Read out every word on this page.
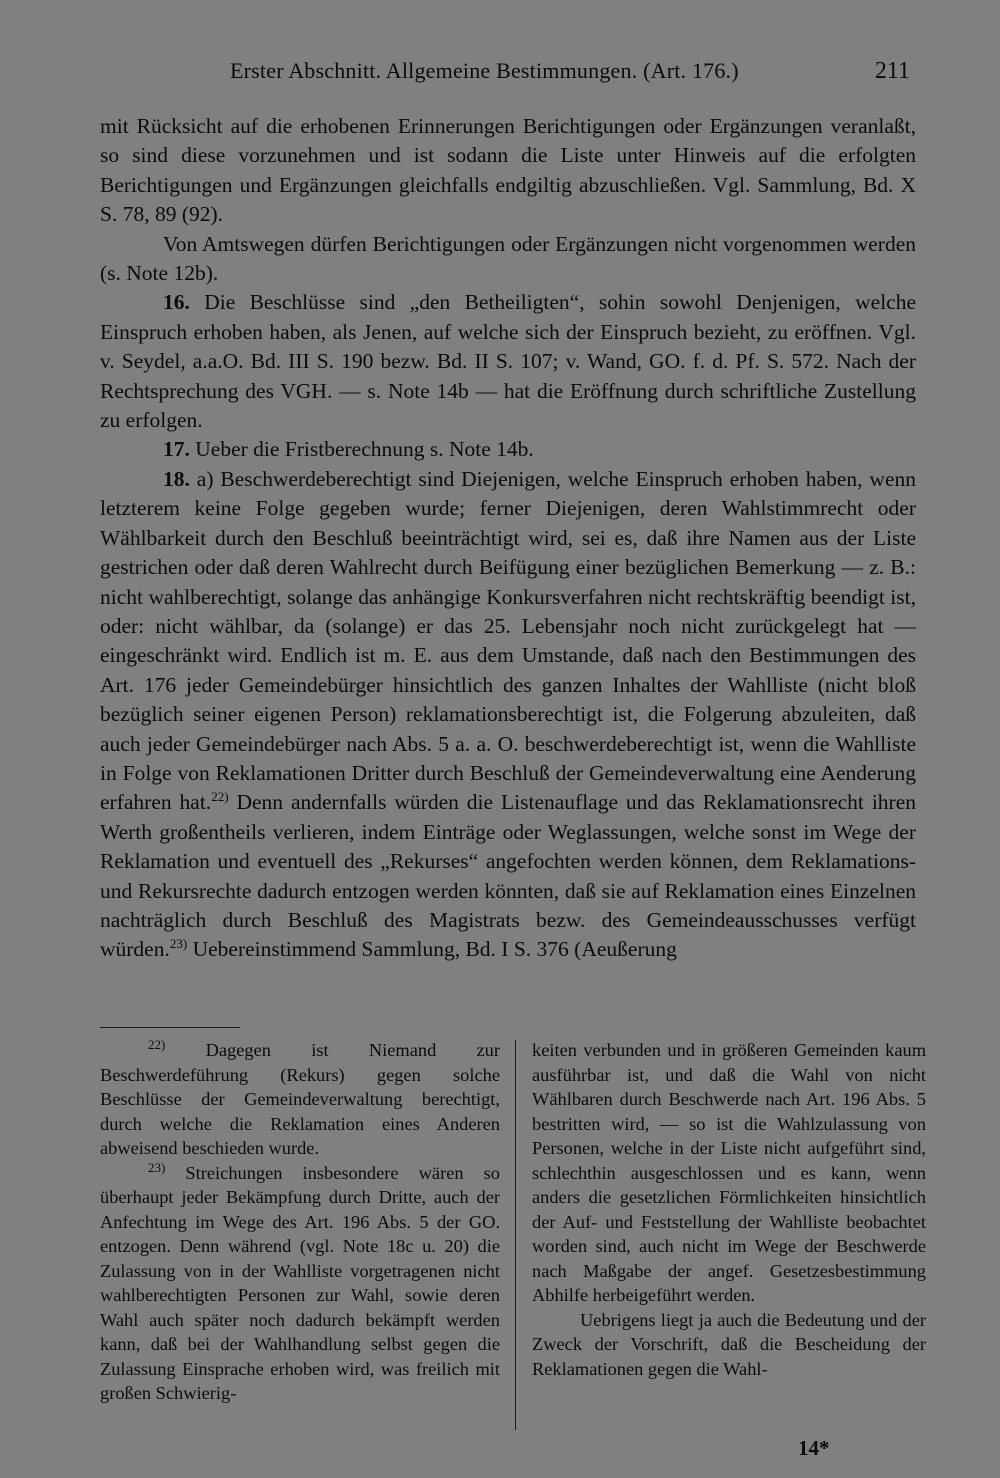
Erster Abschnitt. Allgemeine Bestimmungen. (Art. 176.)	211

mit Rücksicht auf die erhobenen Erinnerungen Berichtigungen oder Ergänzungen veranlaßt, so sind diese vorzunehmen und ist sodann die Liste unter Hinweis auf die erfolgten Berichtigungen und Ergänzungen gleichfalls endgiltig abzuschließen. Vgl. Sammlung, Bd. X S. 78, 89 (92).

Von Amtswegen dürfen Berichtigungen oder Ergänzungen nicht vorgenommen werden (s. Note 12b).

16. Die Beschlüsse sind „den Betheiligten“, sohin sowohl Denjenigen, welche Einspruch erhoben haben, als Jenen, auf welche sich der Einspruch bezieht, zu eröffnen. Vgl. v. Seydel, a.a.O. Bd. III S. 190 bezw. Bd. II S. 107; v. Wand, GO. f. d. Pf. S. 572. Nach der Rechtsprechung des VGH. — s. Note 14b — hat die Eröffnung durch schriftliche Zustellung zu erfolgen.

17. Ueber die Fristberechnung s. Note 14b.

18. a) Beschwerdeberechtigt sind Diejenigen, welche Einspruch erhoben haben, wenn letzterem keine Folge gegeben wurde; ferner Diejenigen, deren Wahlstimmrecht oder Wählbarkeit durch den Beschluß beeinträchtigt wird, sei es, daß ihre Namen aus der Liste gestrichen oder daß deren Wahlrecht durch Beifügung einer bezüglichen Bemerkung — z. B.: nicht wahlberechtigt, solange das anhängige Konkursverfahren nicht rechtskräftig beendigt ist, oder: nicht wählbar, da (solange) er das 25. Lebensjahr noch nicht zurückgelegt hat — eingeschränkt wird. Endlich ist m. E. aus dem Umstande, daß nach den Bestimmungen des Art. 176 jeder Gemeindebürger hinsichtlich des ganzen Inhaltes der Wahlliste (nicht bloß bezüglich seiner eigenen Person) reklamationsberechtigt ist, die Folgerung abzuleiten, daß auch jeder Gemeindebürger nach Abs. 5 a. a. O. beschwerdeberechtigt ist, wenn die Wahlliste in Folge von Reklamationen Dritter durch Beschluß der Gemeindeverwaltung eine Aenderung erfahren hat.$^{22)}$ Denn andernfalls würden die Listenauflage und das Reklamationsrecht ihren Werth großentheils verlieren, indem Einträge oder Weglassungen, welche sonst im Wege der Reklamation und eventuell des „Rekurses“ angefochten werden können, dem Reklamations- und Rekursrechte dadurch entzogen werden könnten, daß sie auf Reklamation eines Einzelnen nachträglich durch Beschluß des Magistrats bezw. des Gemeindeausschusses verfügt würden.$^{23)}$ Uebereinstimmend Sammlung, Bd. I S. 376 (Aeußerung

$^{22)}$ Dagegen ist Niemand zur Beschwerdeführung (Rekurs) gegen solche Beschlüsse der Gemeindeverwaltung berechtigt, durch welche die Reklamation eines Anderen abweisend beschieden wurde.

$^{23)}$ Streichungen insbesondere wären so überhaupt jeder Bekämpfung durch Dritte, auch der Anfechtung im Wege des Art. 196 Abs. 5 der GO. entzogen. Denn während (vgl. Note 18c u. 20) die Zulassung von in der Wahlliste vorgetragenen nicht wahlberechtigten Personen zur Wahl, sowie deren Wahl auch später noch dadurch bekämpft werden kann, daß bei der Wahlhandlung selbst gegen die Zulassung Einsprache erhoben wird, was freilich mit großen Schwierig-

keiten verbunden und in größeren Gemeinden kaum ausführbar ist, und daß die Wahl von nicht Wählbaren durch Beschwerde nach Art. 196 Abs. 5 bestritten wird, — so ist die Wahlzulassung von Personen, welche in der Liste nicht aufgeführt sind, schlechthin ausgeschlossen und es kann, wenn anders die gesetzlichen Förmlichkeiten hinsichtlich der Auf- und Feststellung der Wahlliste beobachtet worden sind, auch nicht im Wege der Beschwerde nach Maßgabe der angef. Gesetzesbestimmung Abhilfe herbeigeführt werden.

Uebrigens liegt ja auch die Bedeutung und der Zweck der Vorschrift, daß die Bescheidung der Reklamationen gegen die Wahl-

14*
